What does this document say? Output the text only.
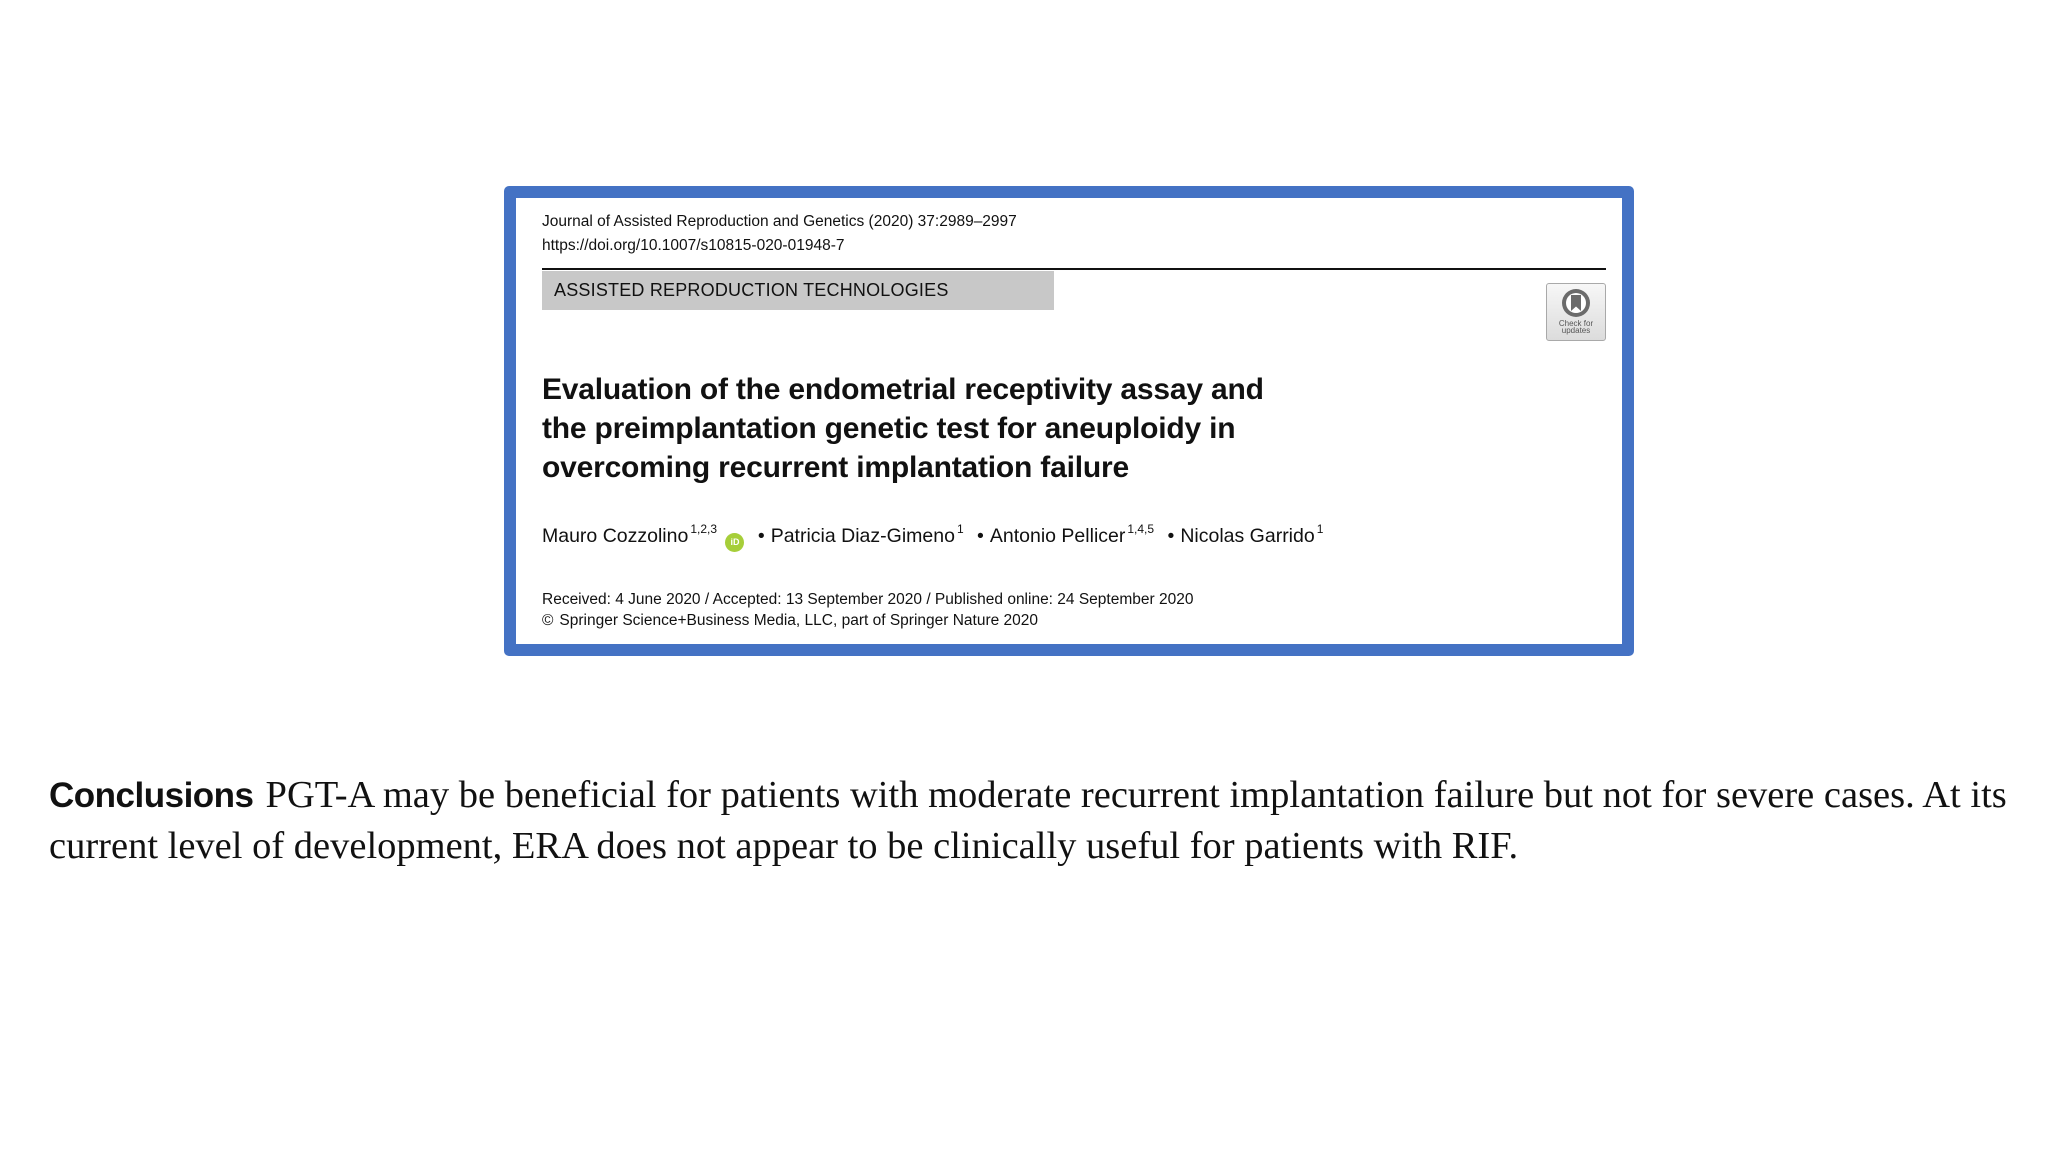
Journal of Assisted Reproduction and Genetics (2020) 37:2989–2997
https://doi.org/10.1007/s10815-020-01948-7
ASSISTED REPRODUCTION TECHNOLOGIES
Check for updates
Evaluation of the endometrial receptivity assay and the preimplantation genetic test for aneuploidy in overcoming recurrent implantation failure
Mauro Cozzolino $^{1,2,3}$ iD • Patricia Diaz-Gimeno $^1$ • Antonio Pellicer $^{1,4,5}$ • Nicolas Garrido $^1$
Received: 4 June 2020 / Accepted: 13 September 2020 / Published online: 24 September 2020
© Springer Science+Business Media, LLC, part of Springer Nature 2020
Conclusions PGT-A may be beneficial for patients with moderate recurrent implantation failure but not for severe cases. At its current level of development, ERA does not appear to be clinically useful for patients with RIF.
